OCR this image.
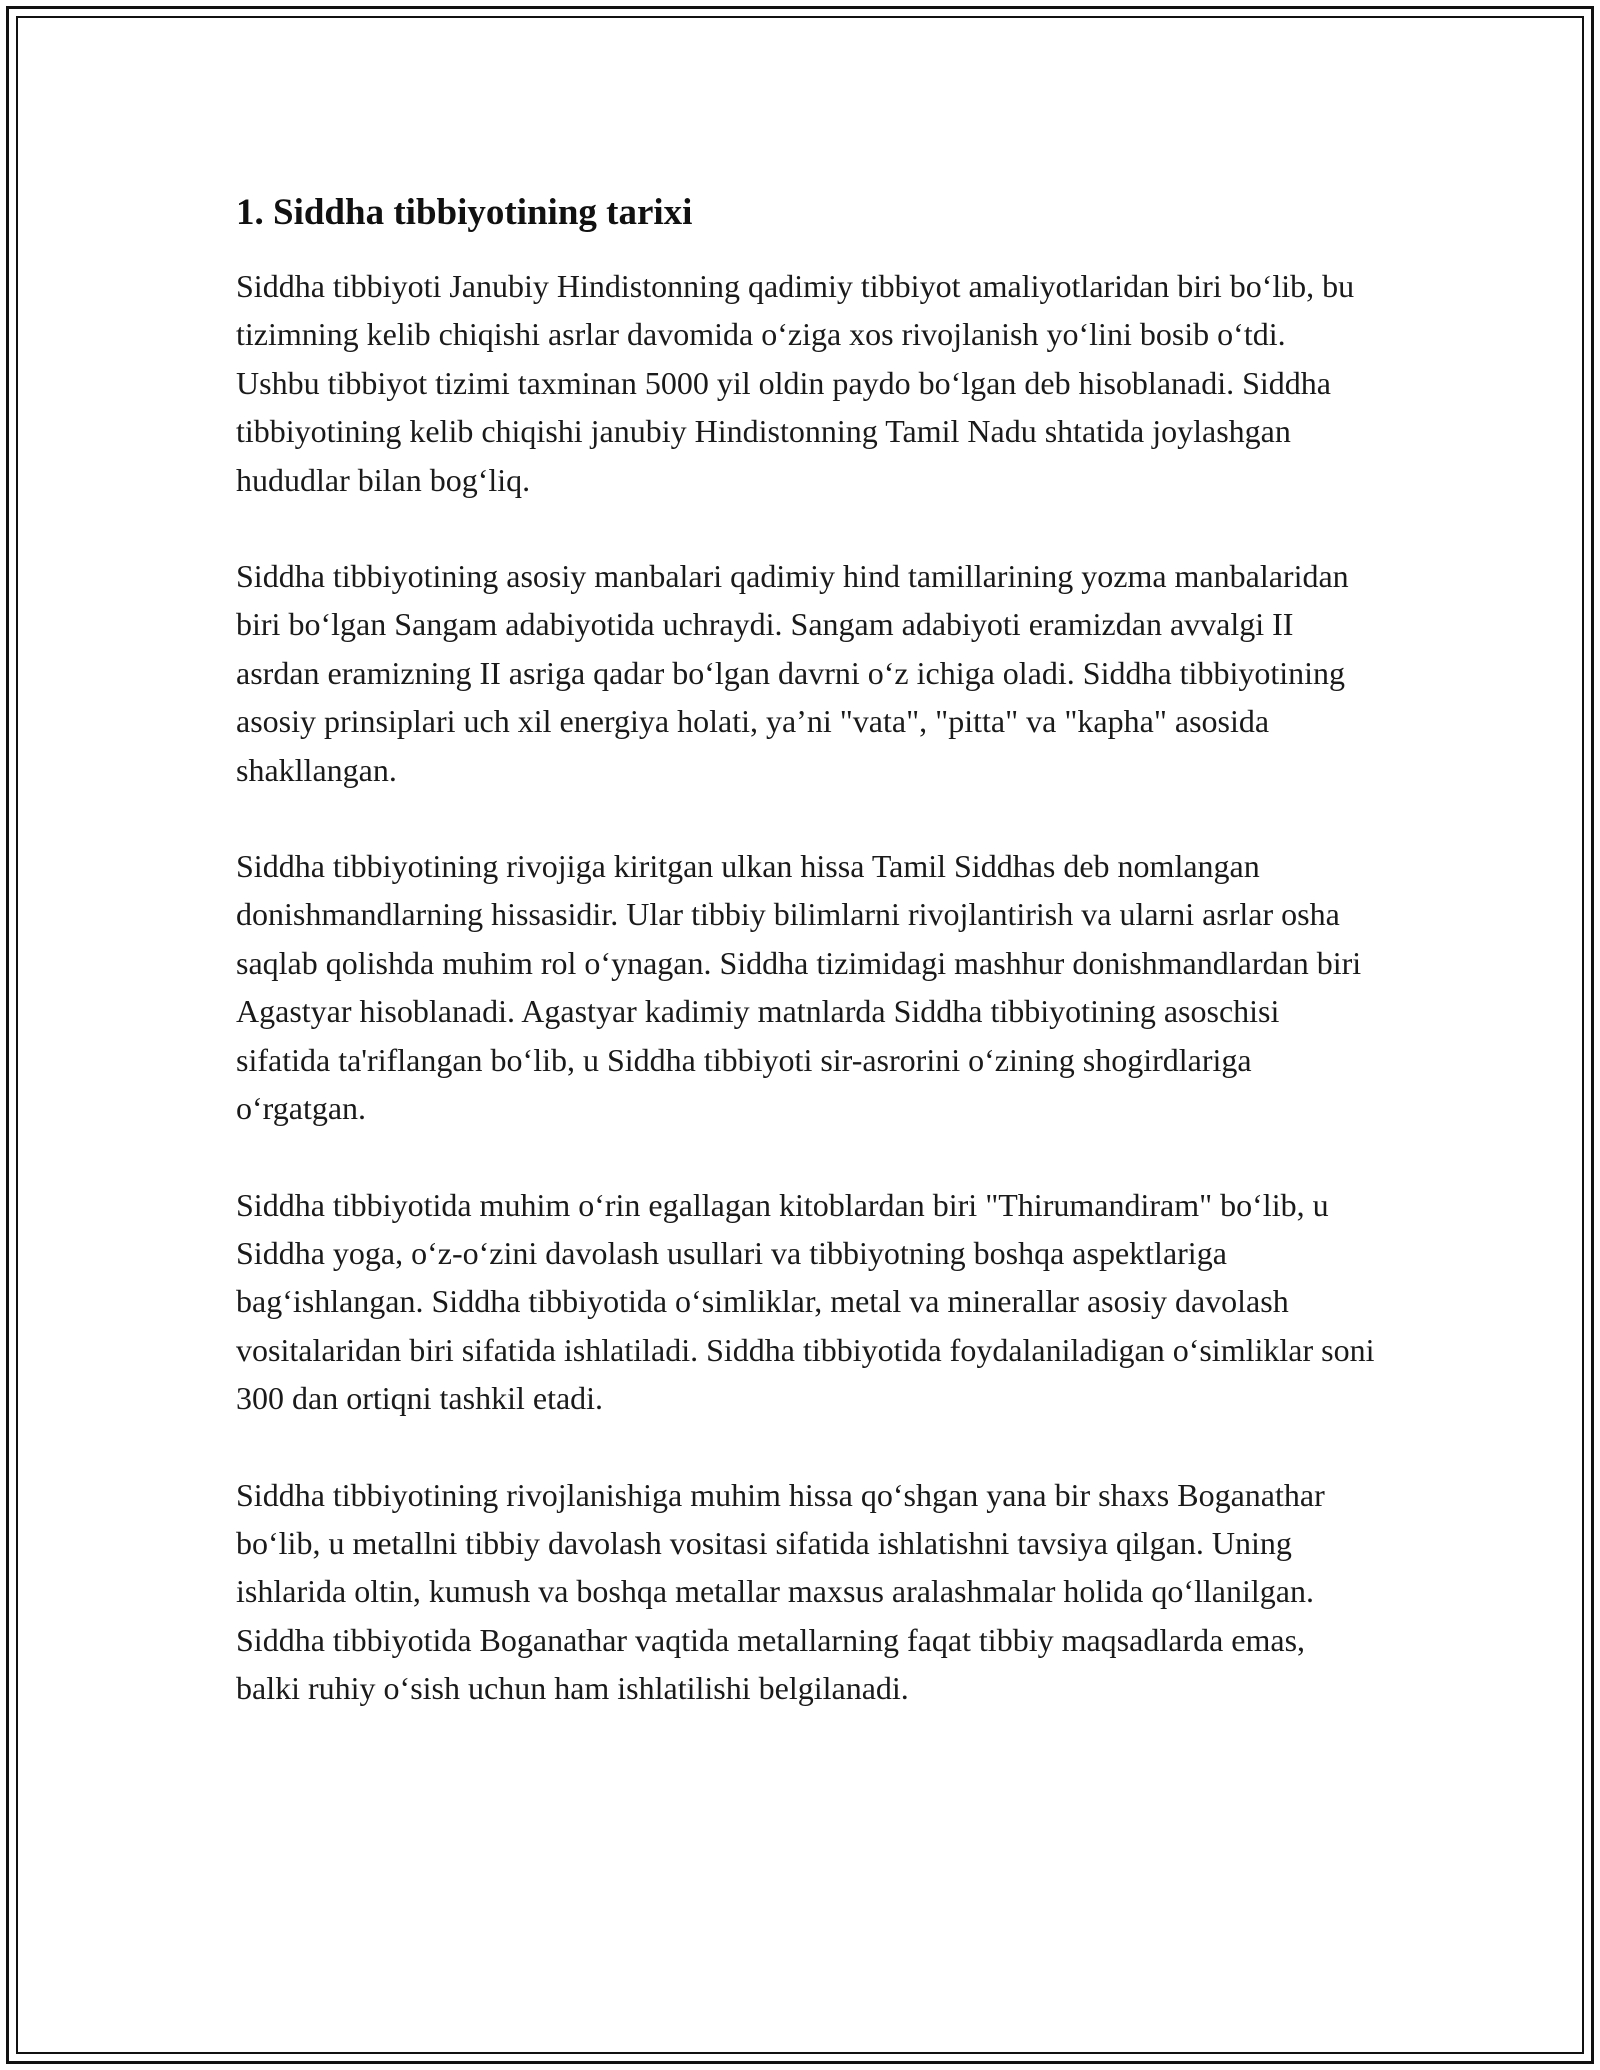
1. Siddha tibbiyotining tarixi

Siddha tibbiyoti Janubiy Hindistonning qadimiy tibbiyot amaliyotlaridan biri boʻlib, bu tizimning kelib chiqishi asrlar davomida oʻziga xos rivojlanish yoʻlini bosib oʻtdi. Ushbu tibbiyot tizimi taxminan 5000 yil oldin paydo boʻlgan deb hisoblanadi. Siddha tibbiyotining kelib chiqishi janubiy Hindistonning Tamil Nadu shtatida joylashgan hududlar bilan bogʻliq.

Siddha tibbiyotining asosiy manbalari qadimiy hind tamillarining yozma manbalaridan biri boʻlgan Sangam adabiyotida uchraydi. Sangam adabiyoti eramizdan avvalgi II asrdan eramizning II asriga qadar boʻlgan davrni oʻz ichiga oladi. Siddha tibbiyotining asosiy prinsiplari uch xil energiya holati, yaʼni "vata", "pitta" va "kapha" asosida shakllangan.

Siddha tibbiyotining rivojiga kiritgan ulkan hissa Tamil Siddhas deb nomlangan donishmandlarning hissasidir. Ular tibbiy bilimlarni rivojlantirish va ularni asrlar osha saqlab qolishda muhim rol oʻynagan. Siddha tizimidagi mashhur donishmandlardan biri Agastyar hisoblanadi. Agastyar kadimiy matnlarda Siddha tibbiyotining asoschisi sifatida ta'riflangan boʻlib, u Siddha tibbiyoti sir-asrorini oʻzining shogirdlariga oʻrgatgan.

Siddha tibbiyotida muhim oʻrin egallagan kitoblardan biri "Thirumandiram" boʻlib, u Siddha yoga, oʻz-oʻzini davolash usullari va tibbiyotning boshqa aspektlariga bagʻishlangan. Siddha tibbiyotida oʻsimliklar, metal va minerallar asosiy davolash vositalaridan biri sifatida ishlatiladi. Siddha tibbiyotida foydalaniladigan oʻsimliklar soni 300 dan ortiqni tashkil etadi.

Siddha tibbiyotining rivojlanishiga muhim hissa qoʻshgan yana bir shaxs Boganathar boʻlib, u metallni tibbiy davolash vositasi sifatida ishlatishni tavsiya qilgan. Uning ishlarida oltin, kumush va boshqa metallar maxsus aralashmalar holida qoʻllanilgan. Siddha tibbiyotida Boganathar vaqtida metallarning faqat tibbiy maqsadlarda emas, balki ruhiy oʻsish uchun ham ishlatilishi belgilanadi.
